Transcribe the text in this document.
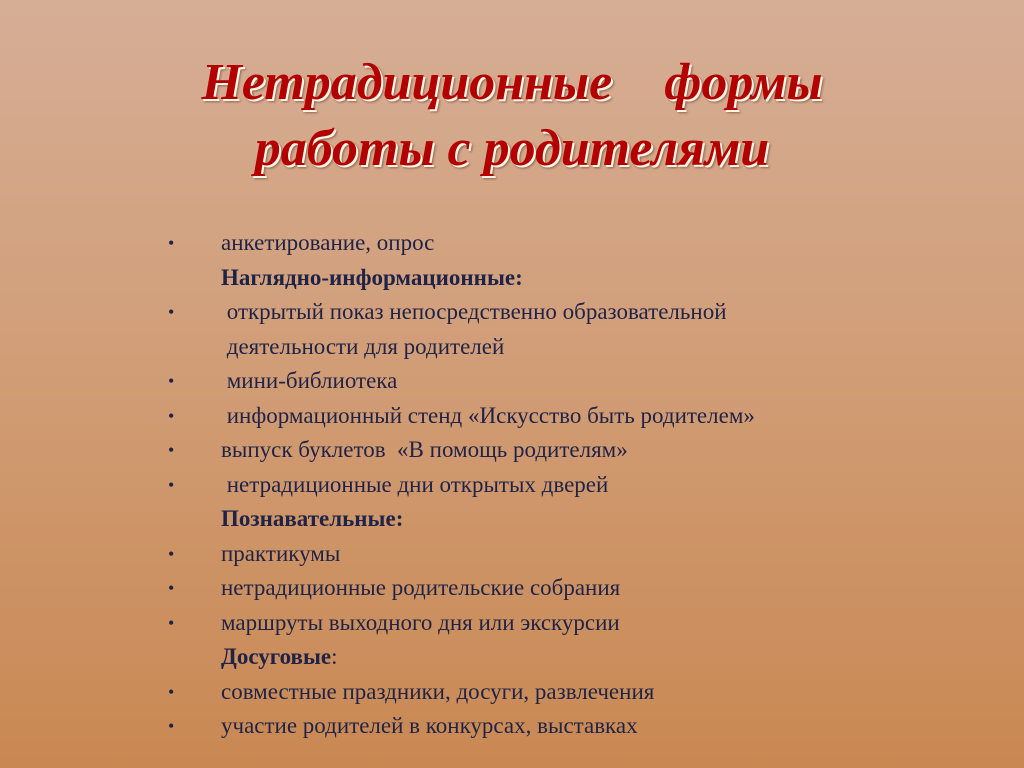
Нетрадиционные    формы
работы с родителями
•	анкетирование, опрос
Наглядно-информационные:
•	открытый показ непосредственно образовательной
деятельности для родителей
•	мини-библиотека
•	информационный стенд «Искусство быть родителем»
•	выпуск буклетов  «В помощь родителям»
•	нетрадиционные дни открытых дверей
Познавательные:
•	практикумы
•	нетрадиционные родительские собрания
•	маршруты выходного дня или экскурсии
Досуговые:
•	совместные праздники, досуги, развлечения
•	участие родителей в конкурсах, выставках
